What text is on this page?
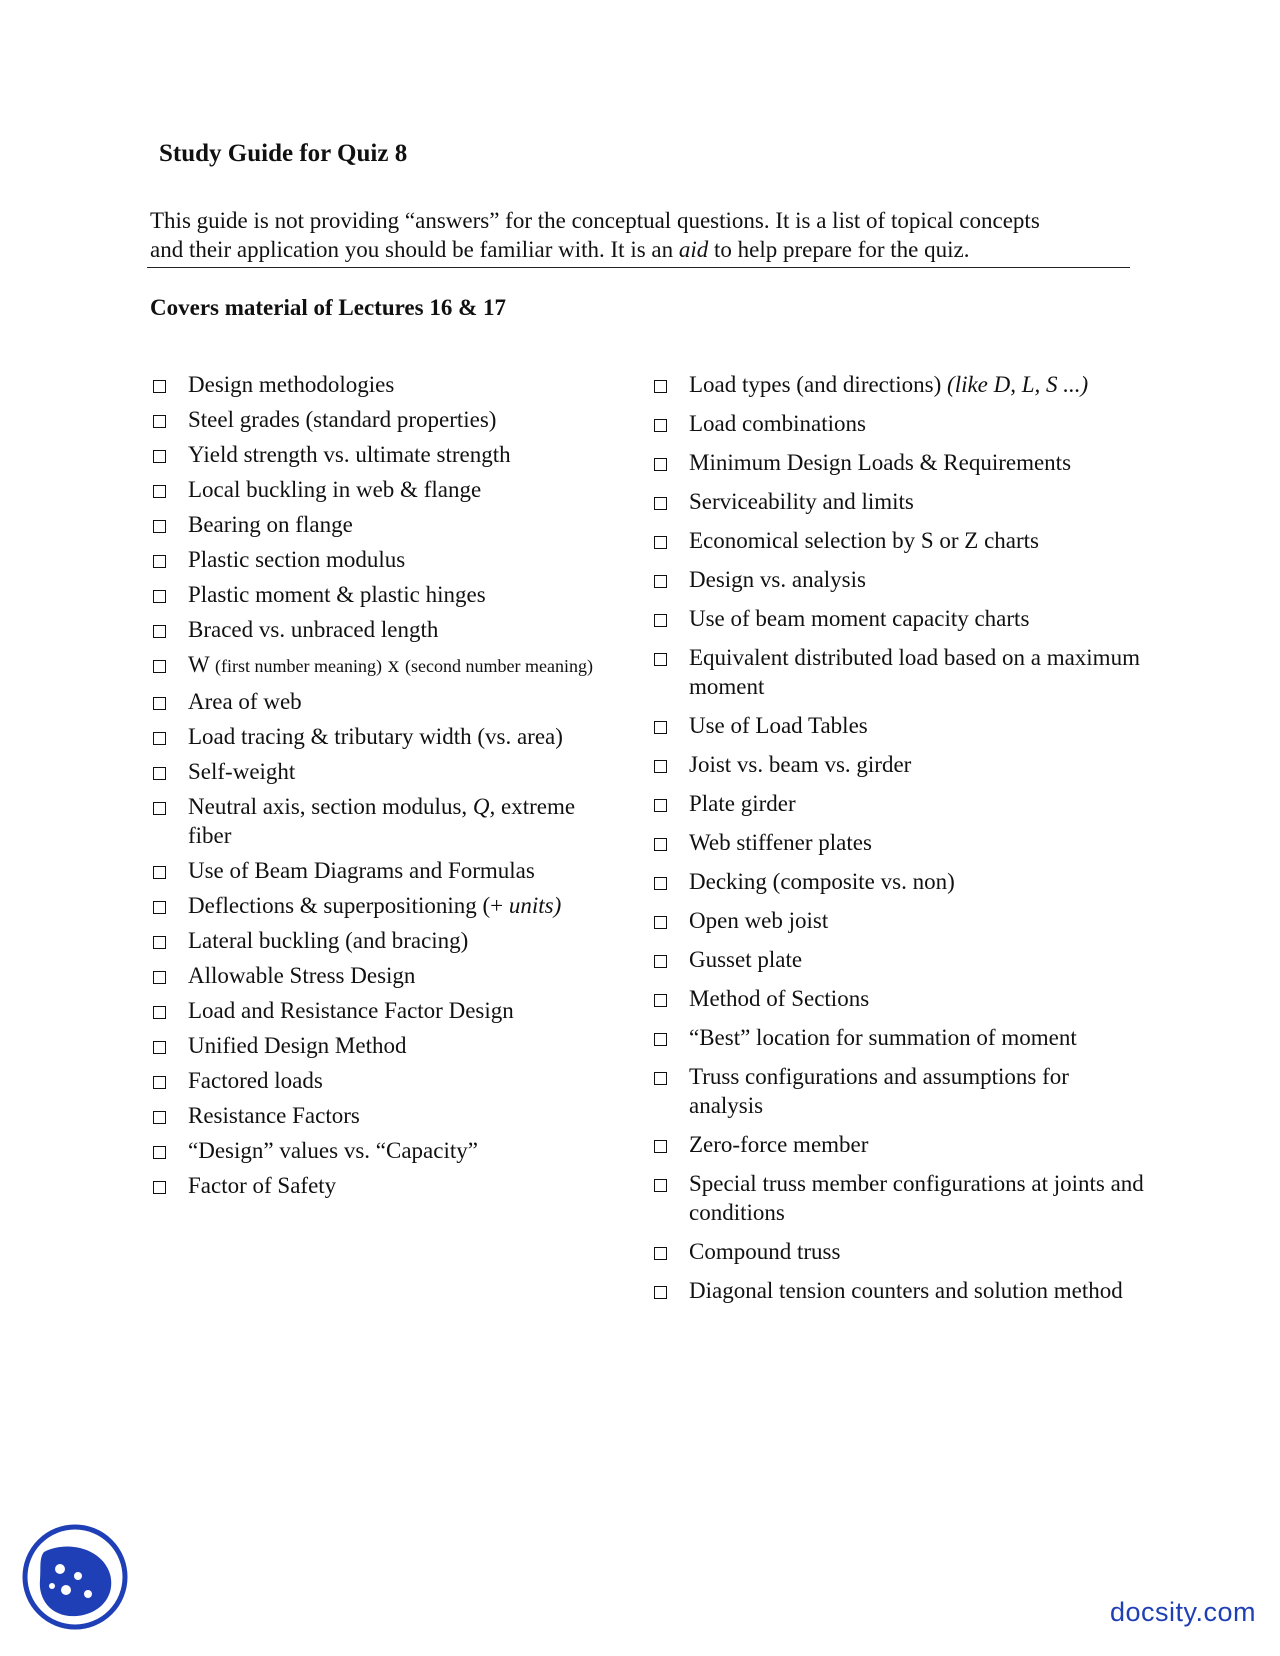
Study Guide for Quiz 8

This guide is not providing “answers” for the conceptual questions. It is a list of topical concepts
and their application you should be familiar with. It is an aid to help prepare for the quiz.

Covers material of Lectures 16 & 17

Design methodologies
Steel grades (standard properties)
Yield strength vs. ultimate strength
Local buckling in web & flange
Bearing on flange
Plastic section modulus
Plastic moment & plastic hinges
Braced vs. unbraced length
W (first number meaning) x (second number meaning)
Area of web
Load tracing & tributary width (vs. area)
Self-weight
Neutral axis, section modulus, Q, extreme fiber
Use of Beam Diagrams and Formulas
Deflections & superpositioning (+ units)
Lateral buckling (and bracing)
Allowable Stress Design
Load and Resistance Factor Design
Unified Design Method
Factored loads
Resistance Factors
“Design” values vs. “Capacity”
Factor of Safety
Load types (and directions) (like D, L, S ...)
Load combinations
Minimum Design Loads & Requirements
Serviceability and limits
Economical selection by S or Z charts
Design vs. analysis
Use of beam moment capacity charts
Equivalent distributed load based on a maximum moment
Use of Load Tables
Joist vs. beam vs. girder
Plate girder
Web stiffener plates
Decking (composite vs. non)
Open web joist
Gusset plate
Method of Sections
“Best” location for summation of moment
Truss configurations and assumptions for analysis
Zero-force member
Special truss member configurations at joints and conditions
Compound truss
Diagonal tension counters and solution method
docsity.com
